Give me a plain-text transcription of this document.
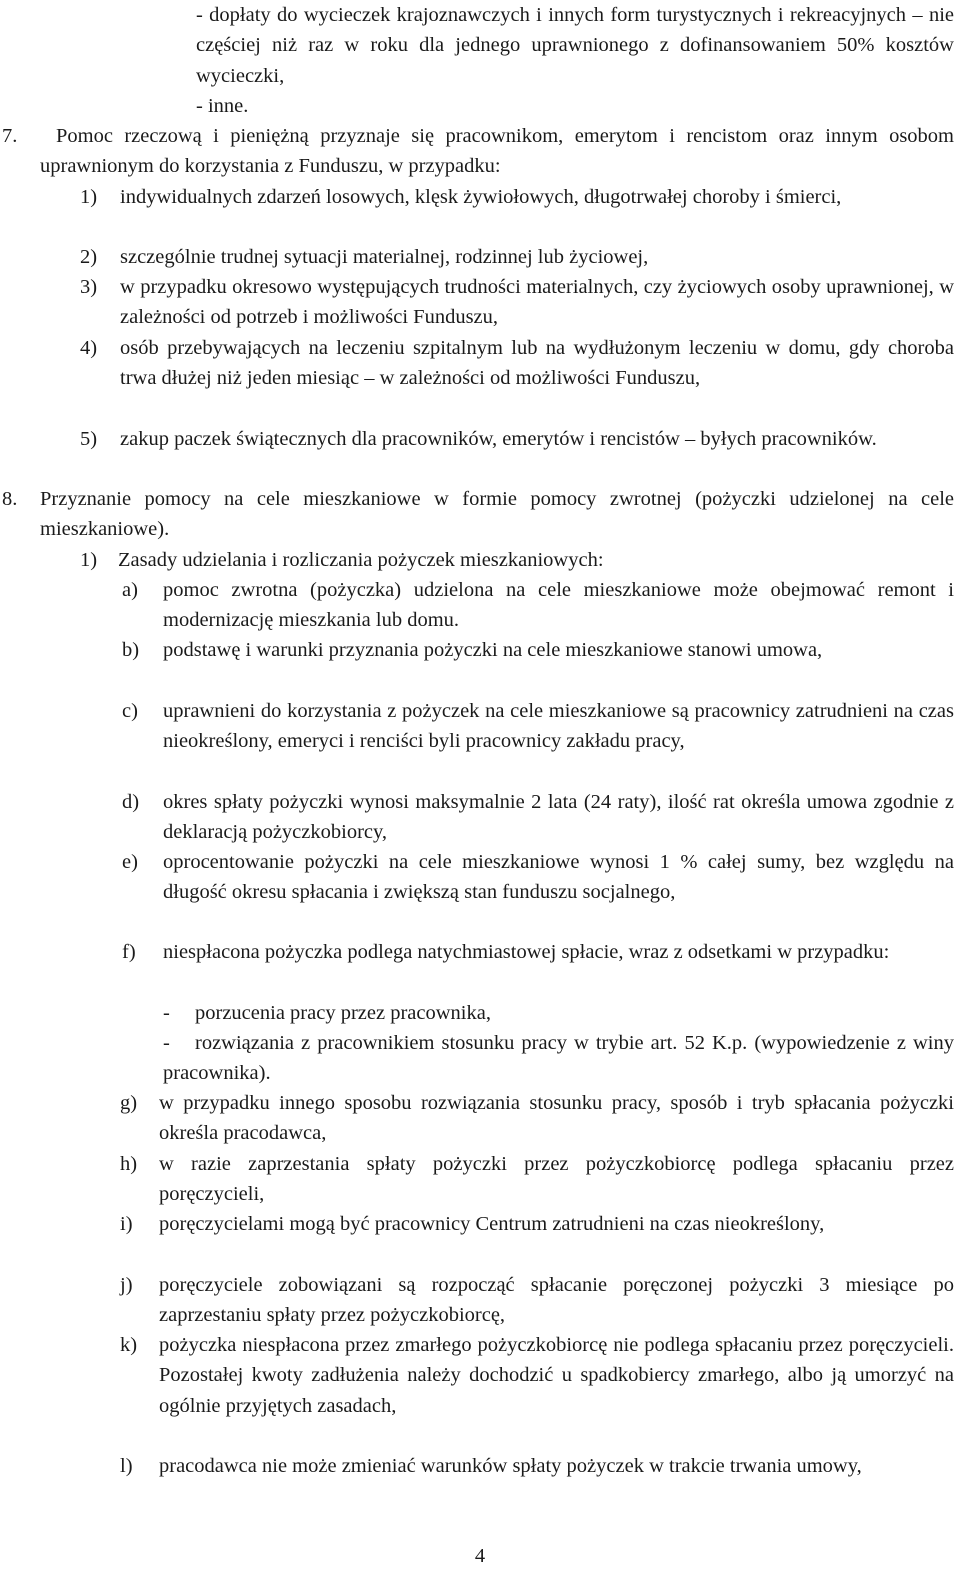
- dopłaty do wycieczek krajoznawczych i innych form turystycznych i rekreacyjnych – nie częściej niż raz w roku dla jednego uprawnionego z dofinansowaniem 50% kosztów wycieczki,
- inne.
7.	Pomoc rzeczową i pieniężną przyznaje się pracownikom, emerytom i rencistom oraz innym osobom uprawnionym do korzystania z Funduszu, w przypadku:
1) indywidualnych zdarzeń losowych, klęsk żywiołowych, długotrwałej choroby i śmierci,
2) szczególnie trudnej sytuacji materialnej, rodzinnej lub życiowej,
3) w przypadku okresowo występujących trudności materialnych, czy życiowych osoby uprawnionej, w zależności od potrzeb i możliwości Funduszu,
4) osób przebywających na leczeniu szpitalnym lub na wydłużonym leczeniu w domu, gdy choroba trwa dłużej niż jeden miesiąc – w zależności od możliwości Funduszu,
5) zakup paczek świątecznych dla pracowników, emerytów i rencistów – byłych pracowników.
8. Przyznanie pomocy na cele mieszkaniowe w formie pomocy zwrotnej (pożyczki udzielonej na cele mieszkaniowe).
1) Zasady udzielania i rozliczania pożyczek mieszkaniowych:
a) pomoc zwrotna (pożyczka) udzielona na cele mieszkaniowe może obejmować remont i modernizację mieszkania lub domu.
b) podstawę i warunki przyznania pożyczki na cele mieszkaniowe stanowi umowa,
c) uprawnieni do korzystania z pożyczek na cele mieszkaniowe są pracownicy zatrudnieni na czas nieokreślony, emeryci i renciści byli pracownicy zakładu pracy,
d) okres spłaty pożyczki wynosi maksymalnie 2 lata (24 raty), ilość rat określa umowa zgodnie z deklaracją pożyczkobiorcy,
e) oprocentowanie pożyczki na cele mieszkaniowe wynosi 1 % całej sumy, bez względu na długość okresu spłacania i zwiększą stan funduszu socjalnego,
f) niespłacona pożyczka podlega natychmiastowej spłacie, wraz z odsetkami w przypadku:
- porzucenia pracy przez pracownika,
-	rozwiązania z pracownikiem stosunku pracy w trybie art. 52 K.p. (wypowiedzenie z winy pracownika).
g) w przypadku innego sposobu rozwiązania stosunku pracy, sposób i tryb spłacania pożyczki określa pracodawca,
h) w razie zaprzestania spłaty pożyczki przez pożyczkobiorcę podlega spłacaniu przez poręczycieli,
i) poręczycielami mogą być pracownicy Centrum zatrudnieni na czas nieokreślony,
j) poręczyciele zobowiązani są rozpocząć spłacanie poręczonej pożyczki 3 miesiące po zaprzestaniu spłaty przez pożyczkobiorcę,
k) pożyczka niespłacona przez zmarłego pożyczkobiorcę nie podlega spłacaniu przez poręczycieli. Pozostałej kwoty zadłużenia należy dochodzić u spadkobiercy zmarłego, albo ją umorzyć na ogólnie przyjętych zasadach,
l) pracodawca nie może zmieniać warunków spłaty pożyczek w trakcie trwania umowy,
4
